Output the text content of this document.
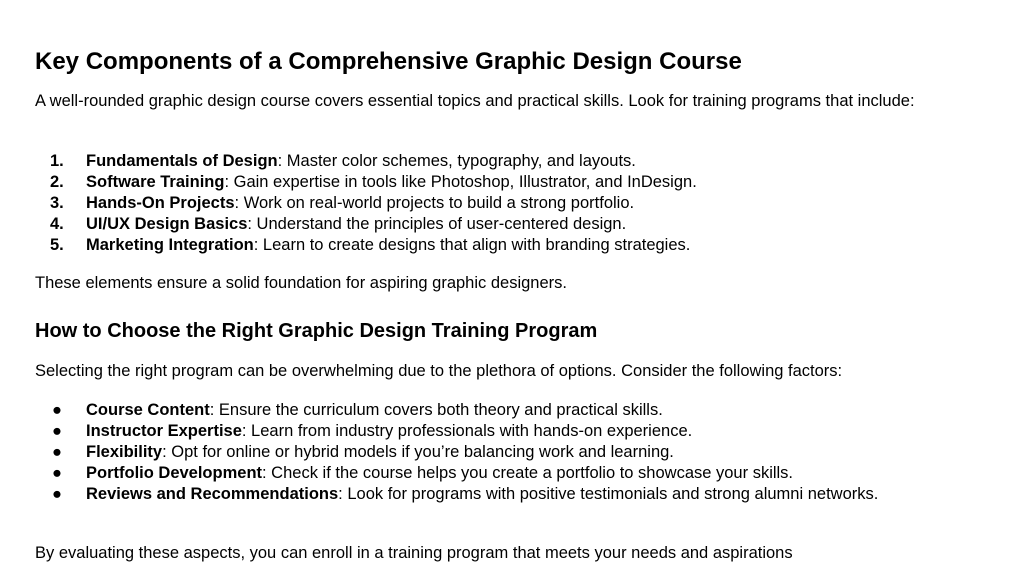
Key Components of a Comprehensive Graphic Design Course

A well-rounded graphic design course covers essential topics and practical skills. Look for training programs that include:

1. Fundamentals of Design: Master color schemes, typography, and layouts.
2. Software Training: Gain expertise in tools like Photoshop, Illustrator, and InDesign.
3. Hands-On Projects: Work on real-world projects to build a strong portfolio.
4. UI/UX Design Basics: Understand the principles of user-centered design.
5. Marketing Integration: Learn to create designs that align with branding strategies.

These elements ensure a solid foundation for aspiring graphic designers.

How to Choose the Right Graphic Design Training Program

Selecting the right program can be overwhelming due to the plethora of options. Consider the following factors:

● Course Content: Ensure the curriculum covers both theory and practical skills.
● Instructor Expertise: Learn from industry professionals with hands-on experience.
● Flexibility: Opt for online or hybrid models if you’re balancing work and learning.
● Portfolio Development: Check if the course helps you create a portfolio to showcase your skills.
● Reviews and Recommendations: Look for programs with positive testimonials and strong alumni networks.

By evaluating these aspects, you can enroll in a training program that meets your needs and aspirations
